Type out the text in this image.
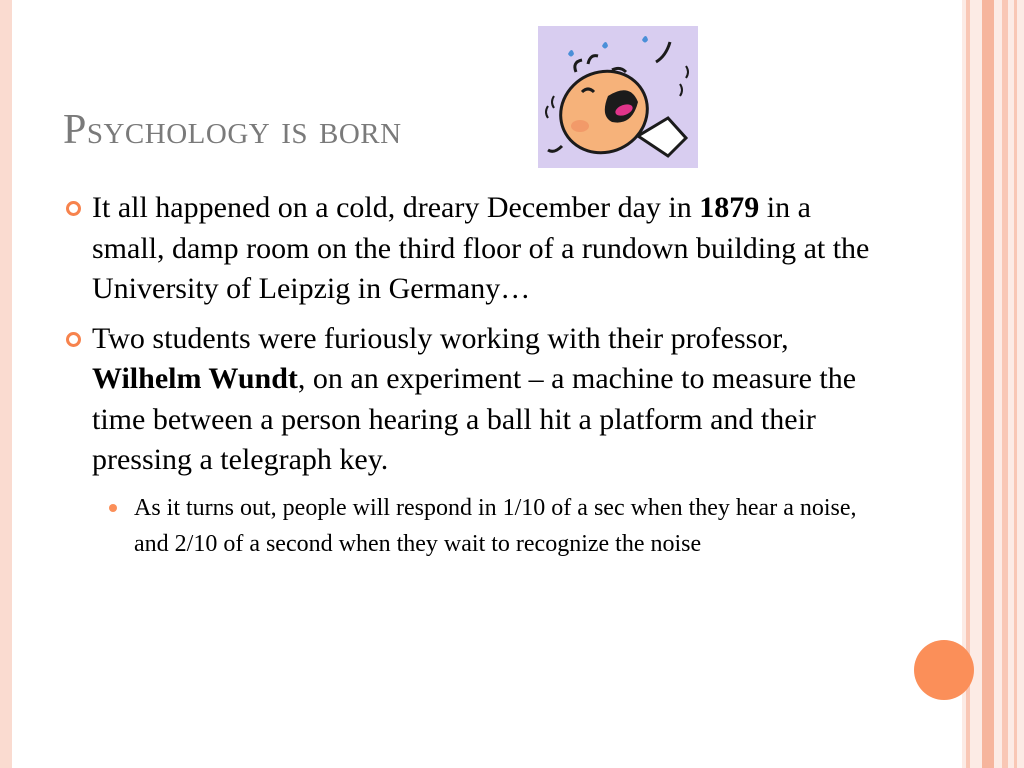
Psychology is born
It all happened on a cold, dreary December day in 1879 in a small, damp room on the third floor of a rundown building at the University of Leipzig in Germany…
Two students were furiously working with their professor, Wilhelm Wundt, on an experiment – a machine to measure the time between a person hearing a ball hit a platform and their pressing a telegraph key.
As it turns out, people will respond in 1/10 of a sec when they hear a noise, and 2/10 of a second when they wait to recognize the noise
